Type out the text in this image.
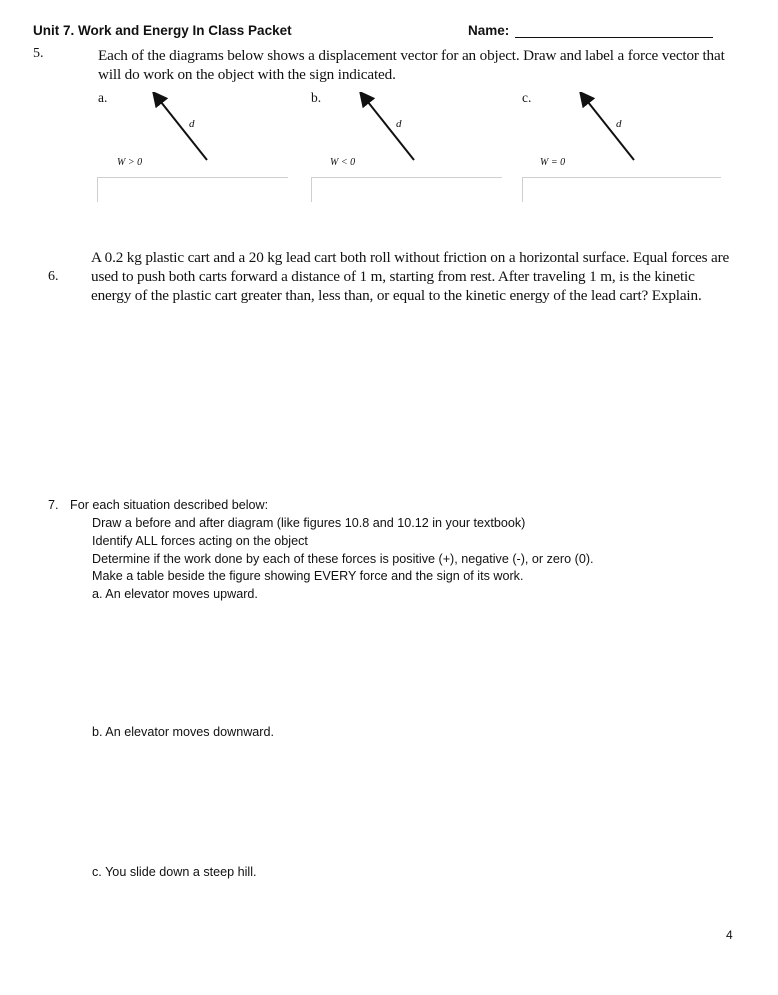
Unit 7. Work and Energy In Class Packet	Name:
5.	Each of the diagrams below shows a displacement vector for an object. Draw and label a force vector that will do work on the object with the sign indicated.
a.
d
W > 0
b.
d
W < 0
c.
d
W = 0
6.
A 0.2 kg plastic cart and a 20 kg lead cart both roll without friction on a horizontal surface. Equal forces are used to push both carts forward a distance of 1 m, starting from rest. After traveling 1 m, is the kinetic energy of the plastic cart greater than, less than, or equal to the kinetic energy of the lead cart? Explain.
7. For each situation described below:
Draw a before and after diagram (like figures 10.8 and 10.12 in your textbook)
Identify ALL forces acting on the object
Determine if the work done by each of these forces is positive (+), negative (-), or zero (0).
Make a table beside the figure showing EVERY force and the sign of its work.
a. An elevator moves upward.
b. An elevator moves downward.
c. You slide down a steep hill.
4
